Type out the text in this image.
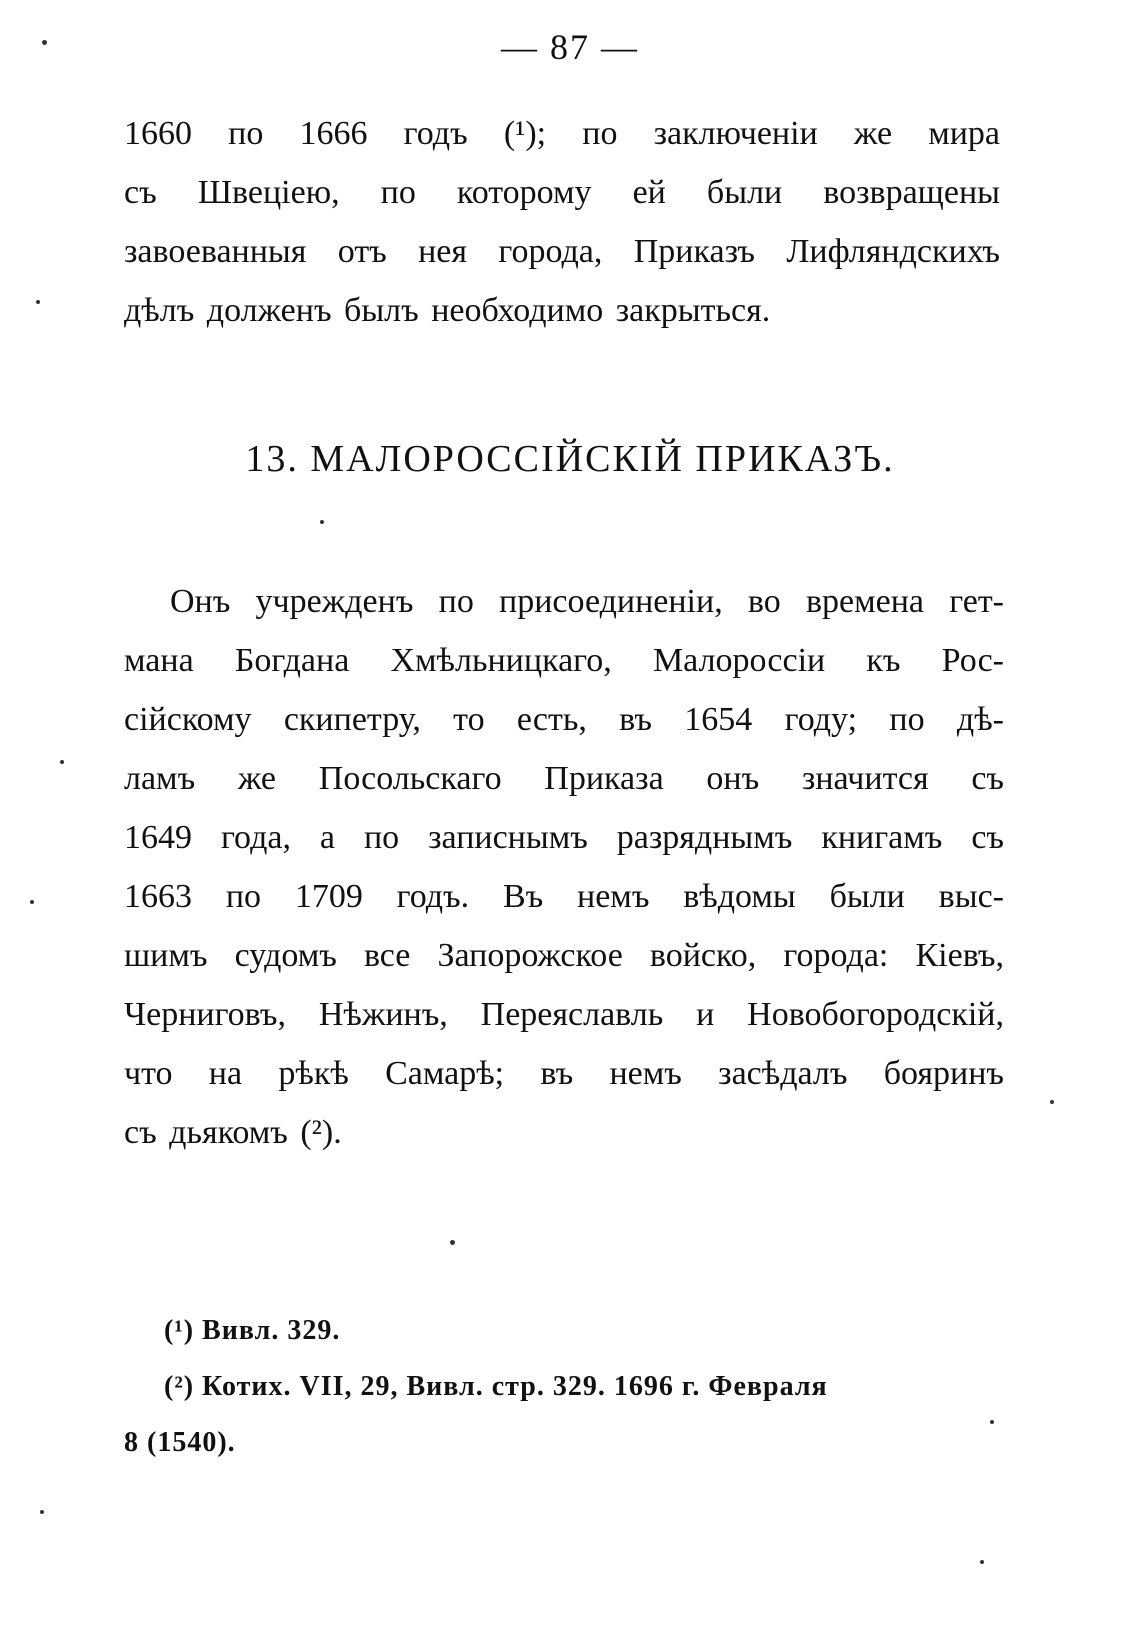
— 87 —
1660 по 1666 годъ (¹); по заключеніи же мира
съ Швеціею, по которому ей были возвращены
завоеванныя отъ нея города, Приказъ Лифляндскихъ
дѣлъ долженъ былъ необходимо закрыться.
13. МАЛОРОССІЙСКІЙ ПРИКАЗЪ.
Онъ учрежденъ по присоединеніи, во времена гет-
мана Богдана Хмѣльницкаго, Малороссіи къ Рос-
сійскому скипетру, то есть, въ 1654 году; по дѣ-
ламъ же Посольскаго Приказа онъ значится съ
1649 года, а по записнымъ разряднымъ книгамъ съ
1663 по 1709 годъ. Въ немъ вѣдомы были выс-
шимъ судомъ все Запорожское войско, города: Кіевъ,
Черниговъ, Нѣжинъ, Переяславль и Новобогородскій,
что на рѣкѣ Самарѣ; въ немъ засѣдалъ бояринъ
съ дьякомъ (²).
(¹) Вивл. 329.
(²) Котих. VII, 29, Вивл. стр. 329. 1696 г. Февраля
8 (1540).
